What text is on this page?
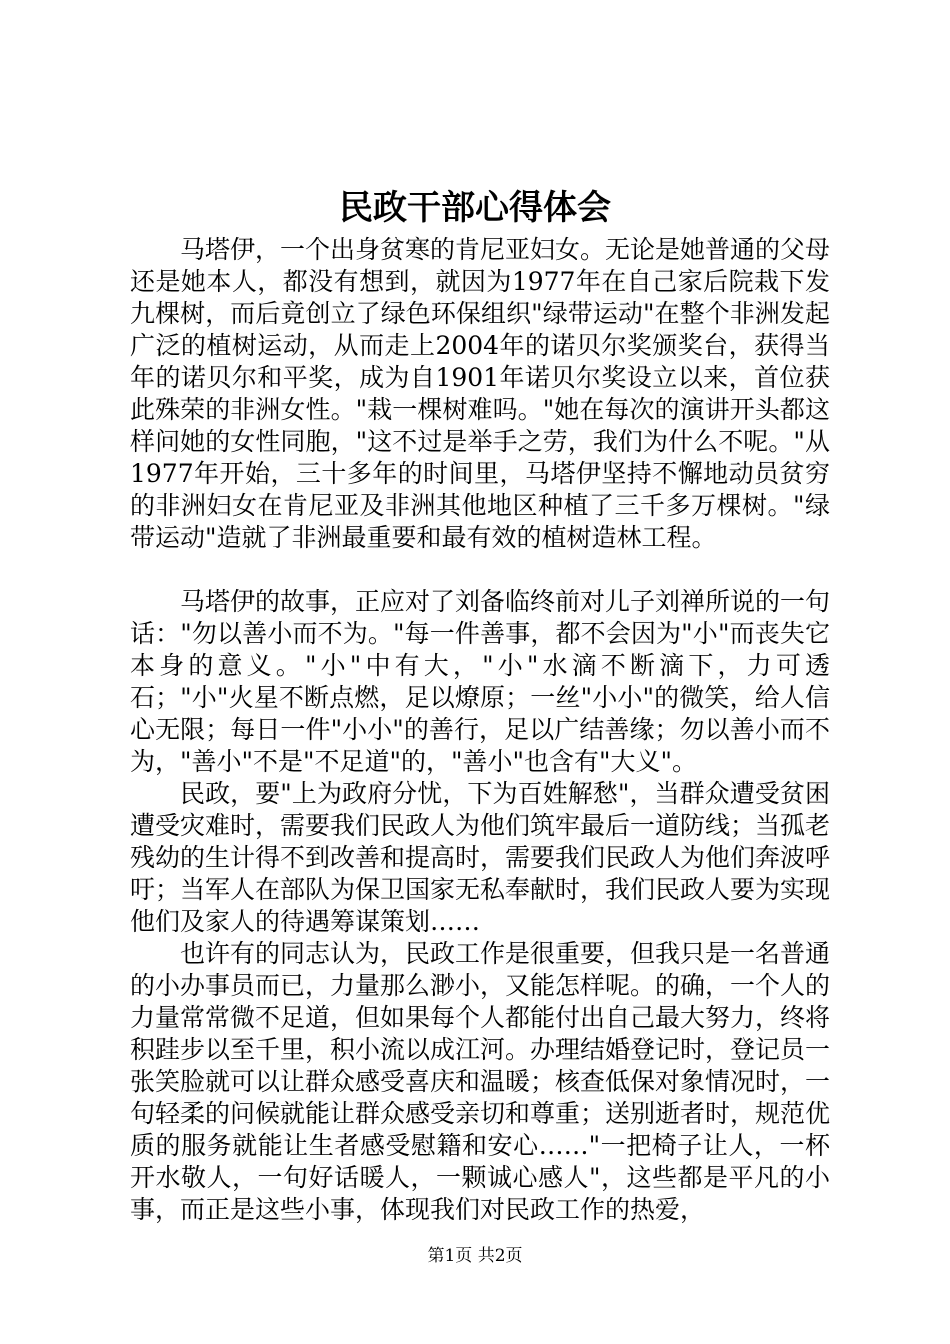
民政干部心得体会

马塔伊，一个出身贫寒的肯尼亚妇女。无论是她普通的父母还是她本人，都没有想到，就因为1977年在自己家后院栽下发九棵树，而后竟创立了绿色环保组织"绿带运动"在整个非洲发起广泛的植树运动，从而走上2004年的诺贝尔奖颁奖台，获得当年的诺贝尔和平奖，成为自1901年诺贝尔奖设立以来，首位获此殊荣的非洲女性。"栽一棵树难吗。"她在每次的演讲开头都这样问她的女性同胞，"这不过是举手之劳，我们为什么不呢。"从1977年开始，三十多年的时间里，马塔伊坚持不懈地动员贫穷的非洲妇女在肯尼亚及非洲其他地区种植了三千多万棵树。"绿带运动"造就了非洲最重要和最有效的植树造林工程。

马塔伊的故事，正应对了刘备临终前对儿子刘禅所说的一句话："勿以善小而不为。"每一件善事，都不会因为"小"而丧失它本身的意义。"小"中有大，"小"水滴不断滴下，力可透石；"小"火星不断点燃，足以燎原；一丝"小小"的微笑，给人信心无限；每日一件"小小"的善行，足以广结善缘；勿以善小而不为，"善小"不是"不足道"的，"善小"也含有"大义"。

民政，要"上为政府分忧，下为百姓解愁"，当群众遭受贫困遭受灾难时，需要我们民政人为他们筑牢最后一道防线；当孤老残幼的生计得不到改善和提高时，需要我们民政人为他们奔波呼吁；当军人在部队为保卫国家无私奉献时，我们民政人要为实现他们及家人的待遇筹谋策划……

也许有的同志认为，民政工作是很重要，但我只是一名普通的小办事员而已，力量那么渺小，又能怎样呢。的确，一个人的力量常常微不足道，但如果每个人都能付出自己最大努力，终将积跬步以至千里，积小流以成江河。办理结婚登记时，登记员一张笑脸就可以让群众感受喜庆和温暖；核查低保对象情况时，一句轻柔的问候就能让群众感受亲切和尊重；送别逝者时，规范优质的服务就能让生者感受慰籍和安心……"一把椅子让人，一杯开水敬人，一句好话暖人，一颗诚心感人"，这些都是平凡的小事，而正是这些小事，体现我们对民政工作的热爱，

第1页 共2页
